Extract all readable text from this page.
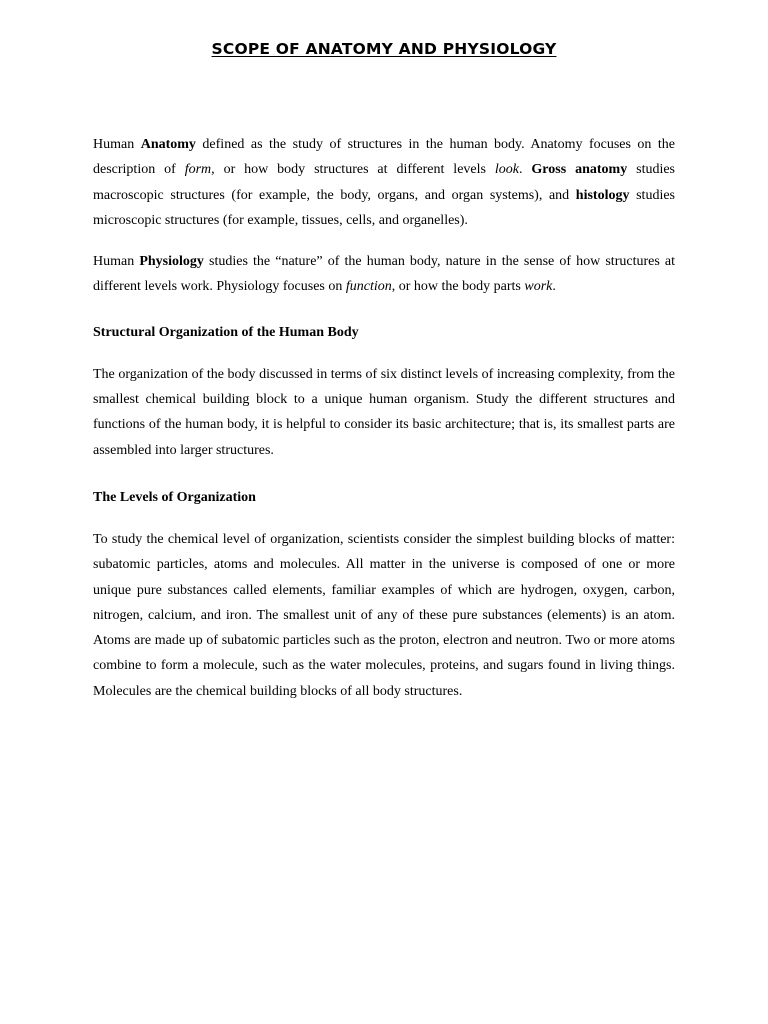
SCOPE OF ANATOMY AND PHYSIOLOGY

Human Anatomy defined as the study of structures in the human body. Anatomy focuses on the description of form, or how body structures at different levels look. Gross anatomy studies macroscopic structures (for example, the body, organs, and organ systems), and histology studies microscopic structures (for example, tissues, cells, and organelles).

Human Physiology studies the “nature” of the human body, nature in the sense of how structures at different levels work. Physiology focuses on function, or how the body parts work.

Structural Organization of the Human Body

The organization of the body discussed in terms of six distinct levels of increasing complexity, from the smallest chemical building block to a unique human organism. Study the different structures and functions of the human body, it is helpful to consider its basic architecture; that is, its smallest parts are assembled into larger structures.

The Levels of Organization

To study the chemical level of organization, scientists consider the simplest building blocks of matter: subatomic particles, atoms and molecules. All matter in the universe is composed of one or more unique pure substances called elements, familiar examples of which are hydrogen, oxygen, carbon, nitrogen, calcium, and iron. The smallest unit of any of these pure substances (elements) is an atom. Atoms are made up of subatomic particles such as the proton, electron and neutron. Two or more atoms combine to form a molecule, such as the water molecules, proteins, and sugars found in living things. Molecules are the chemical building blocks of all body structures.
